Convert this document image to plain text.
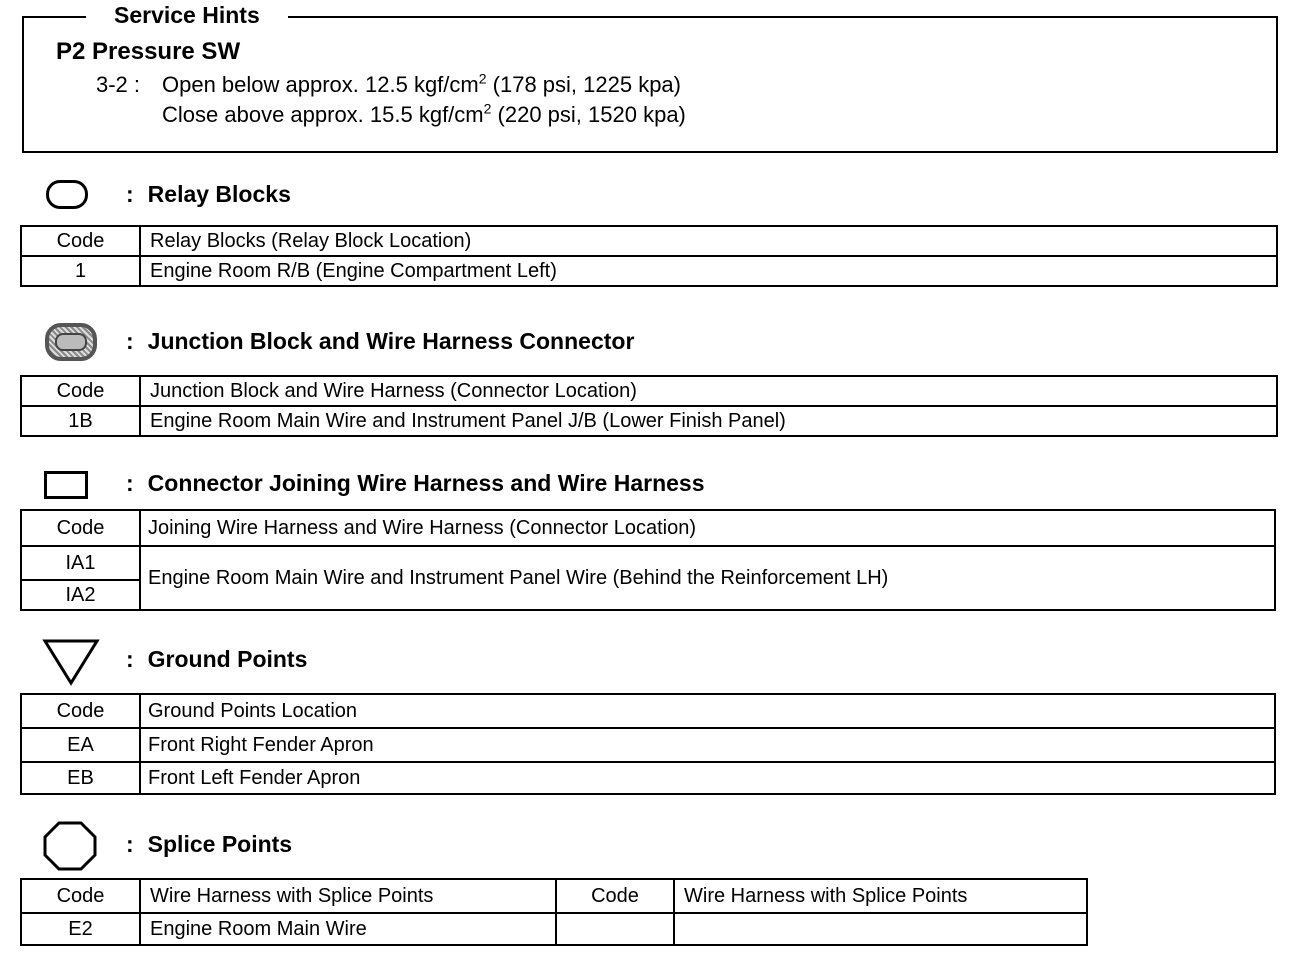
Service Hints
P2 Pressure SW
3-2 : Open below approx. 12.5 kgf/$cm^2$ (178 psi, 1225 kpa)
Close above approx. 15.5 kgf/$cm^2$ (220 psi, 1520 kpa)
: Relay Blocks
Code	Relay Blocks (Relay Block Location)
1	Engine Room R/B (Engine Compartment Left)
: Junction Block and Wire Harness Connector
Code	Junction Block and Wire Harness (Connector Location)
1B	Engine Room Main Wire and Instrument Panel J/B (Lower Finish Panel)
: Connector Joining Wire Harness and Wire Harness
Code	Joining Wire Harness and Wire Harness (Connector Location)
IA1	Engine Room Main Wire and Instrument Panel Wire (Behind the Reinforcement LH)
IA2	
: Ground Points
Code	Ground Points Location
EA	Front Right Fender Apron
EB	Front Left Fender Apron
: Splice Points
Code	Wire Harness with Splice Points	Code	Wire Harness with Splice Points
E2	Engine Room Main Wire		
